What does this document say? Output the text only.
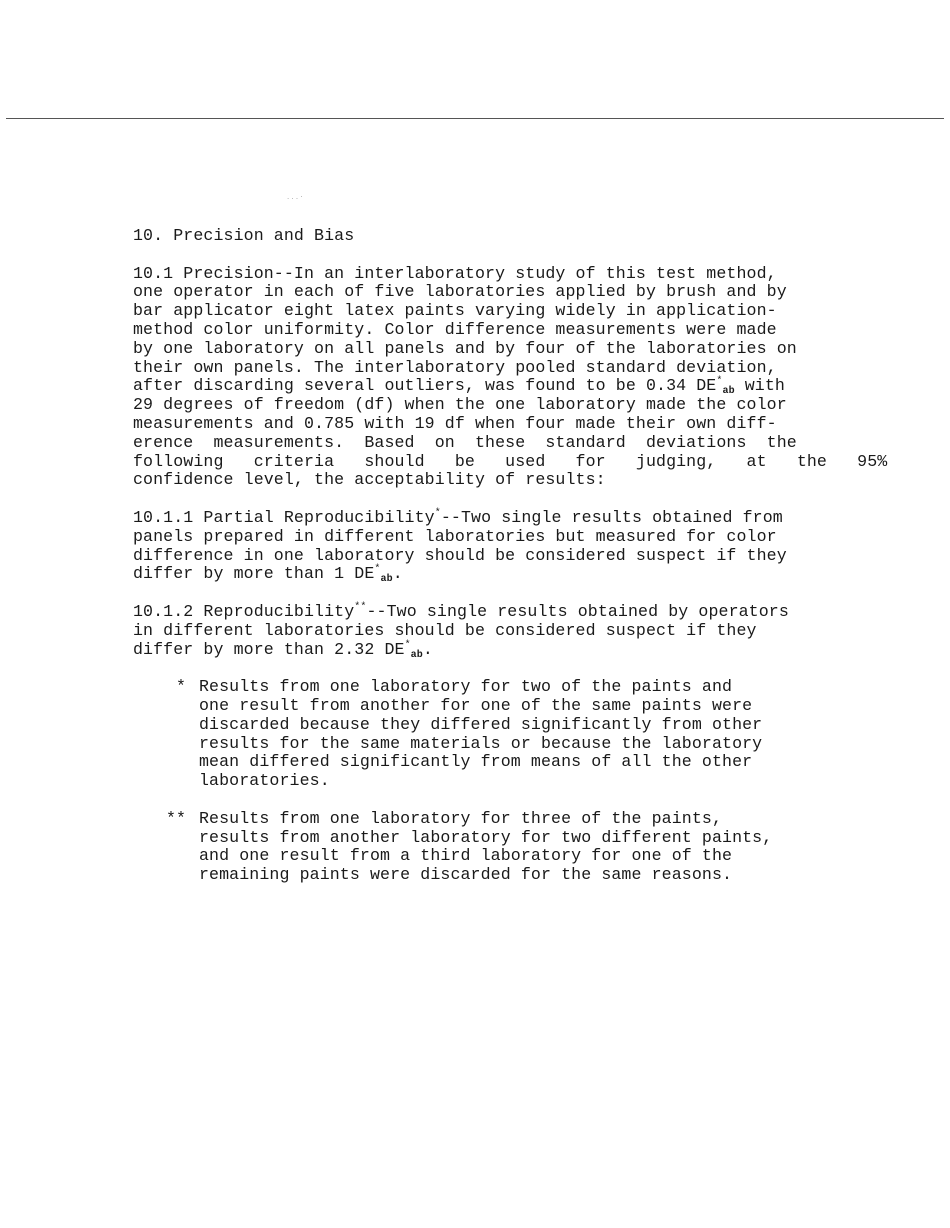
. . . ·
10. Precision and Bias
10.1 Precision--In an interlaboratory study of this test method,
one operator in each of five laboratories applied by brush and by
bar applicator eight latex paints varying widely in application-
method color uniformity. Color difference measurements were made
by one laboratory on all panels and by four of the laboratories on
their own panels. The interlaboratory pooled standard deviation,
after discarding several outliers, was found to be 0.34 $DE^*_{ab}$ with
29 degrees of freedom (df) when the one laboratory made the color
measurements and 0.785 with 19 df when four made their own diff-
erence  measurements.  Based  on  these  standard  deviations  the
following   criteria   should   be   used   for   judging,   at   the   95%
confidence level, the acceptability of results:
10.1.1 Partial Reproducibility*--Two single results obtained from
panels prepared in different laboratories but measured for color
difference in one laboratory should be considered suspect if they
differ by more than 1 $DE^*_{ab}$.
10.1.2 Reproducibility**--Two single results obtained by operators
in different laboratories should be considered suspect if they
differ by more than 2.32 $DE^*_{ab}$.
* Results from one laboratory for two of the paints and
one result from another for one of the same paints were
discarded because they differed significantly from other
results for the same materials or because the laboratory
mean differed significantly from means of all the other
laboratories.
** Results from one laboratory for three of the paints,
results from another laboratory for two different paints,
and one result from a third laboratory for one of the
remaining paints were discarded for the same reasons.
